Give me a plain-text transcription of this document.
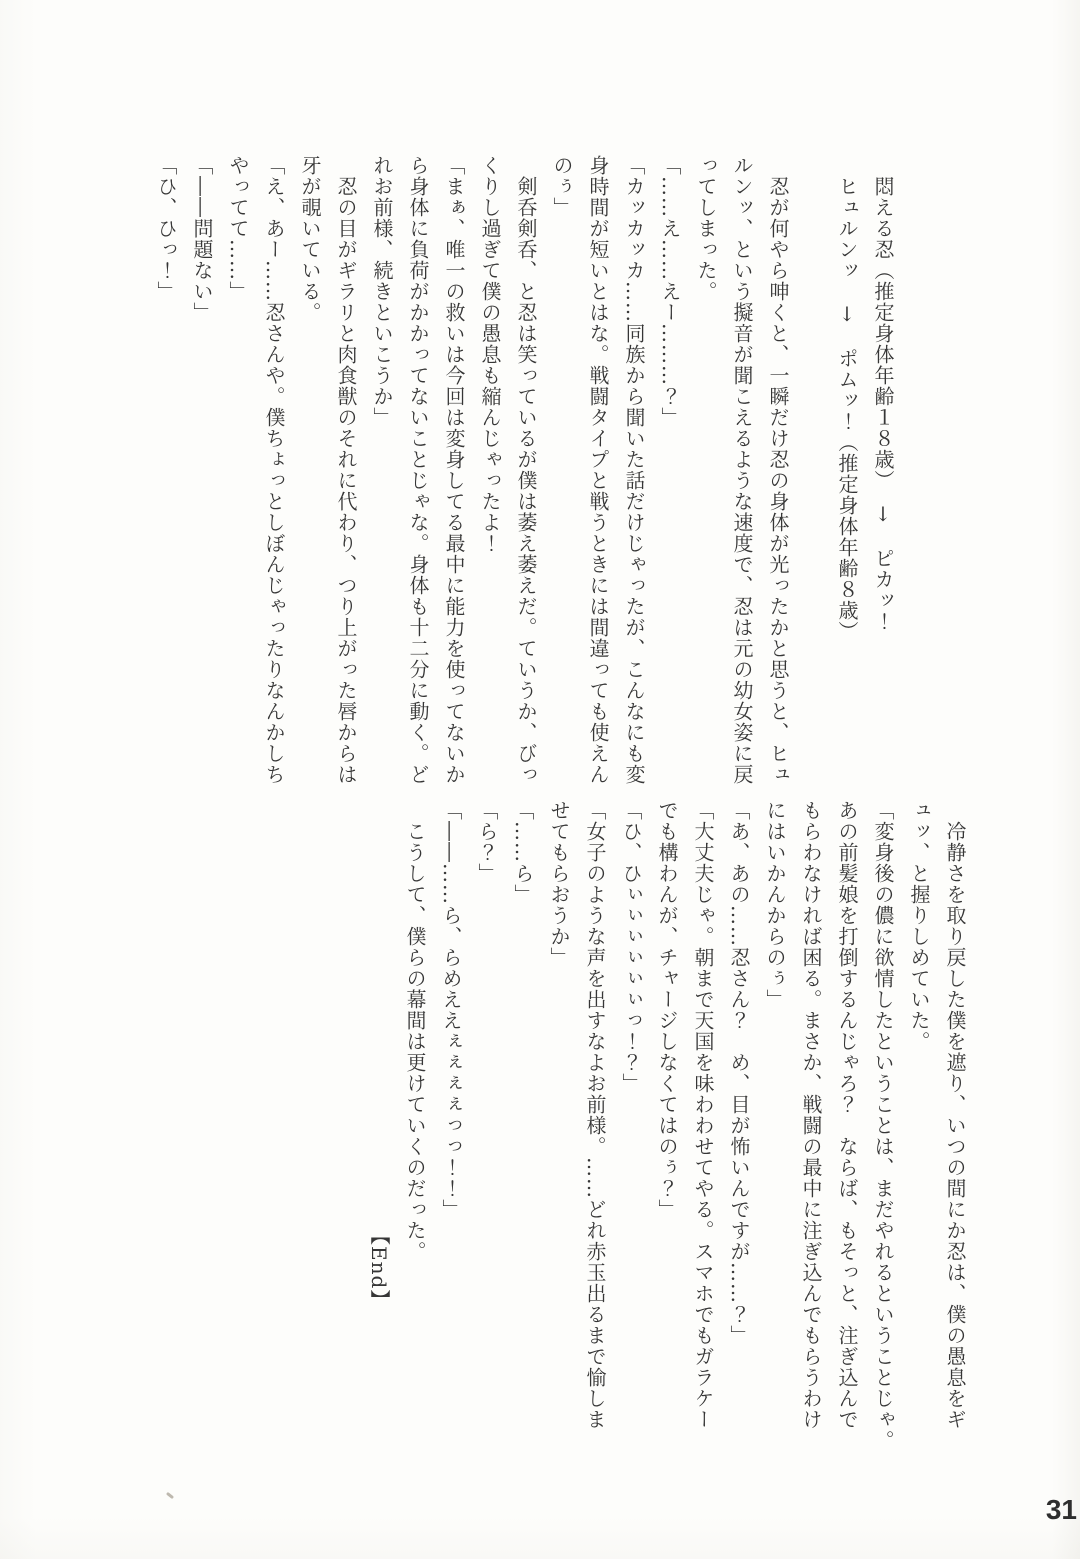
　悶える忍（推定身体年齢１８歳）　↓　ピカッ！

　ヒュルンッ　↓　ポムッ！（推定身体年齢８歳）

　忍が何やら呻くと、一瞬だけ忍の身体が光ったかと思うと、ヒュ

ルンッ、という擬音が聞こえるような速度で、忍は元の幼女姿に戻

ってしまった。

「……え……えー………？」

「カッカッカ……同族から聞いた話だけじゃったが、こんなにも変

身時間が短いとはな。戦闘タイプと戦うときには間違っても使えん

のぅ」

　剣呑剣呑、と忍は笑っているが僕は萎え萎えだ。ていうか、びっ

くりし過ぎて僕の愚息も縮んじゃったよ！

「まぁ、唯一の救いは今回は変身してる最中に能力を使ってないか

ら身体に負荷がかかってないことじゃな。身体も十二分に動く。ど

れお前様、続きといこうか」

　忍の目がギラリと肉食獣のそれに代わり、つり上がった唇からは

牙が覗いている。

「え、あー……忍さんや。僕ちょっとしぼんじゃったりなんかしち

やってて……」

「――問題ない」

「ひ、ひっ！」

　冷静さを取り戻した僕を遮り、いつの間にか忍は、僕の愚息をギ

ュッ、と握りしめていた。

「変身後の儂に欲情したということは、まだやれるということじゃ。

あの前髪娘を打倒するんじゃろ？　ならば、もそっと、注ぎ込んで

もらわなければ困る。まさか、戦闘の最中に注ぎ込んでもらうわけ

にはいかんからのぅ」

「あ、あの……忍さん？　め、目が怖いんですが……？」

「大丈夫じゃ。朝まで天国を味わわせてやる。スマホでもガラケー

でも構わんが、チャージしなくてはのぅ？」

「ひ、ひぃぃぃぃぃぃっ！？」

「女子のような声を出すなよお前様。……どれ赤玉出るまで愉しま

せてもらおうか」

「……ら」

「ら？」

「――……ら、らめええぇぇぇぇっっ！！」

　こうして、僕らの幕間は更けていくのだった。

【End】

31
